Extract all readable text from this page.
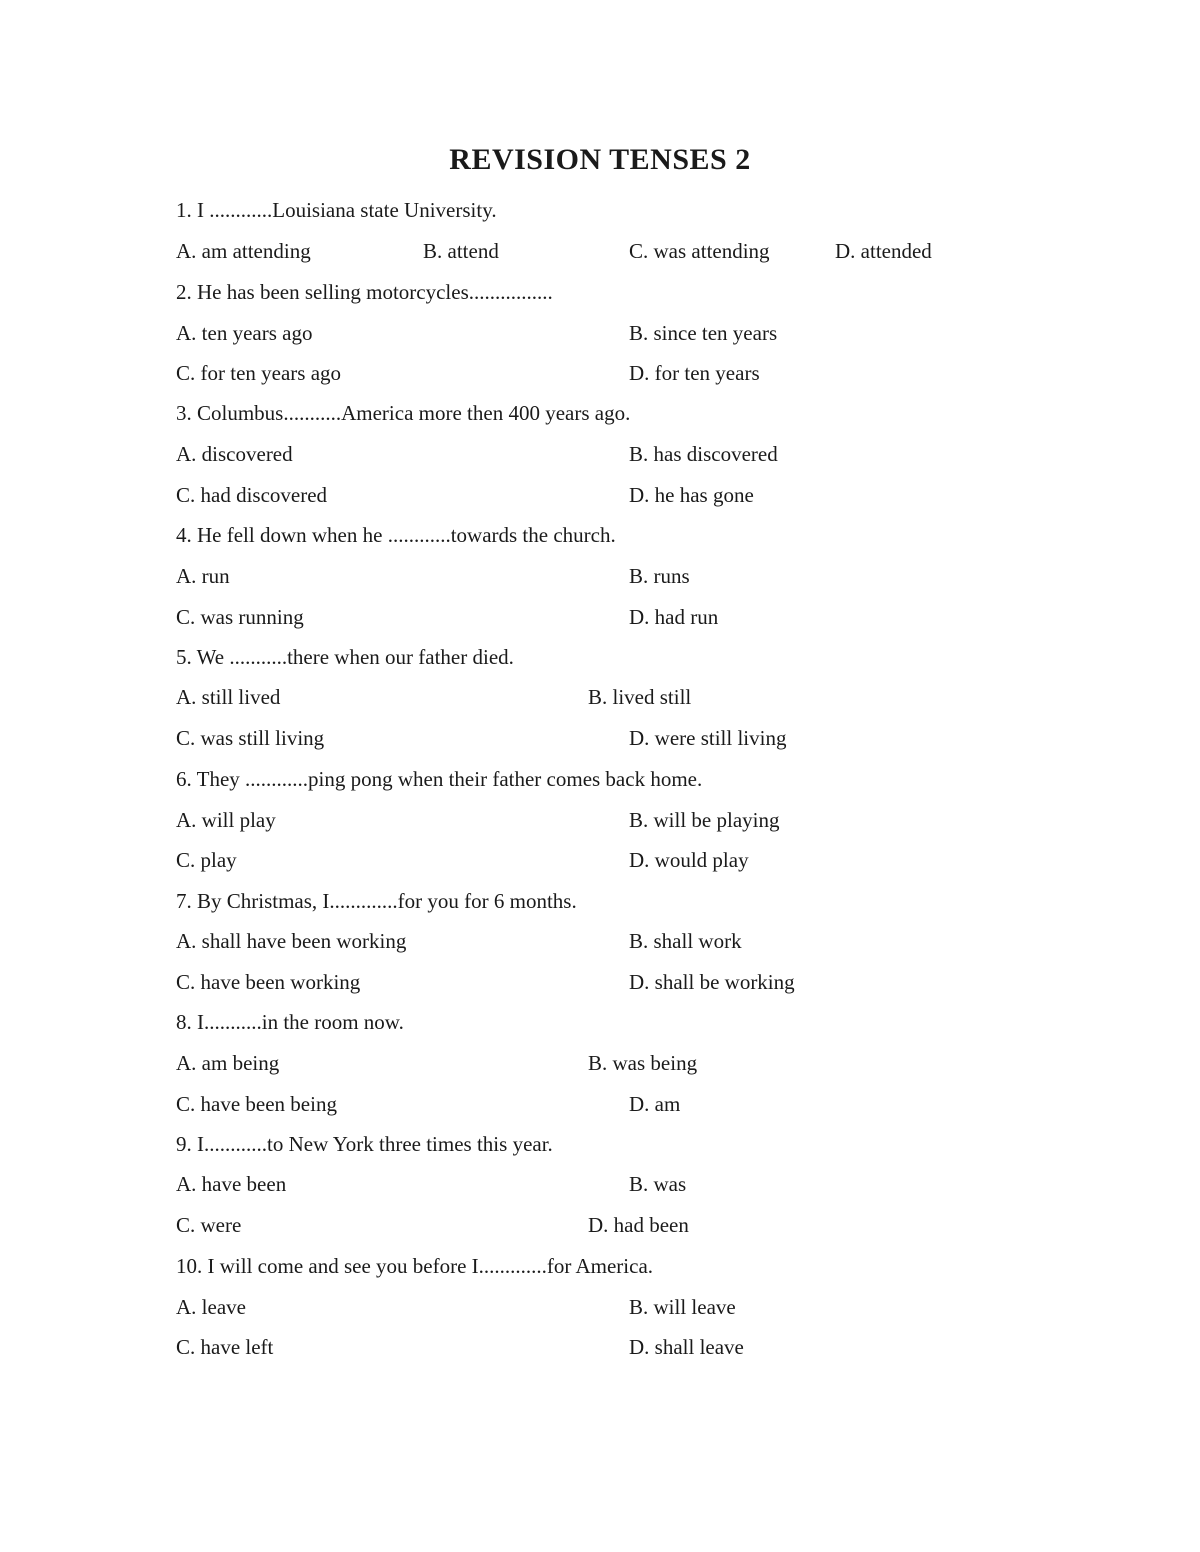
REVISION TENSES 2
1. I ............Louisiana state University.
A. am attending	B. attend	C. was attending	D. attended
2. He has been selling motorcycles................
A. ten years ago	B. since ten years
C. for ten years ago	D. for ten years
3. Columbus...........America more then 400 years ago.
A. discovered	B. has discovered
C. had discovered	D. he has gone
4. He fell down when he ............towards the church.
A. run	B. runs
C. was running	D. had run
5. We ...........there when our father died.
A. still lived	B. lived still
C. was still living	D. were still living
6. They ............ping pong when their father comes back home.
A. will play	B. will be playing
C. play	D. would play
7. By Christmas, I.............for you for 6 months.
A. shall have been working	B. shall work
C. have been working	D. shall be working
8. I...........in the room now.
A. am being	B. was being
C. have been being	D. am
9. I............to New York three times this year.
A. have been	B. was
C. were	D. had been
10. I will come and see you before I.............for America.
A. leave	B. will leave
C. have left	D. shall leave
